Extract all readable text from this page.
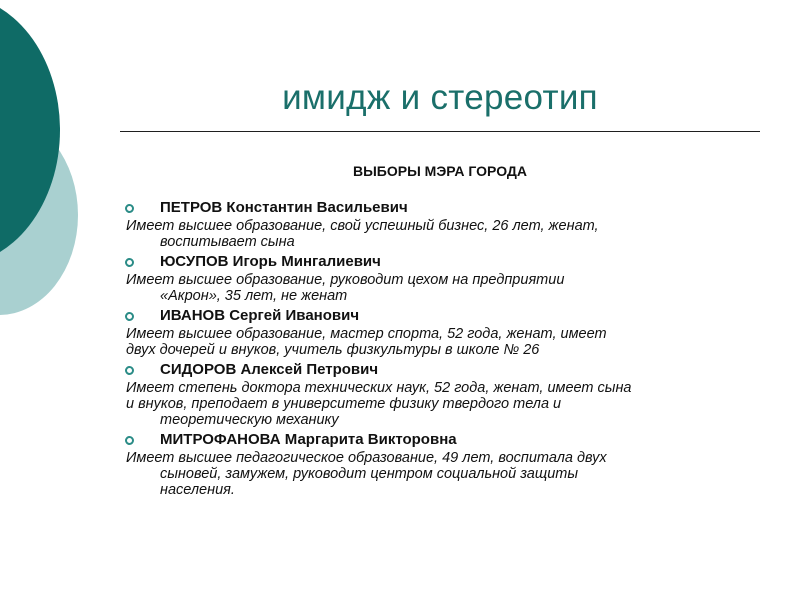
имидж и стереотип
ВЫБОРЫ МЭРА ГОРОДА
ПЕТРОВ Константин Васильевич
Имеет высшее образование, свой успешный бизнес, 26 лет, женат,
воспитывает сына
ЮСУПОВ Игорь Мингалиевич
Имеет высшее образование, руководит цехом на предприятии
«Акрон», 35 лет, не женат
ИВАНОВ Сергей Иванович
Имеет высшее образование, мастер спорта, 52 года, женат, имеет
двух дочерей и внуков, учитель физкультуры в школе № 26
СИДОРОВ Алексей Петрович
Имеет степень доктора технических наук, 52 года, женат, имеет сына
и внуков, преподает в университете физику твердого тела и
теоретическую механику
МИТРОФАНОВА Маргарита Викторовна
Имеет высшее педагогическое образование, 49 лет, воспитала двух
сыновей, замужем, руководит центром социальной защиты
населения.
